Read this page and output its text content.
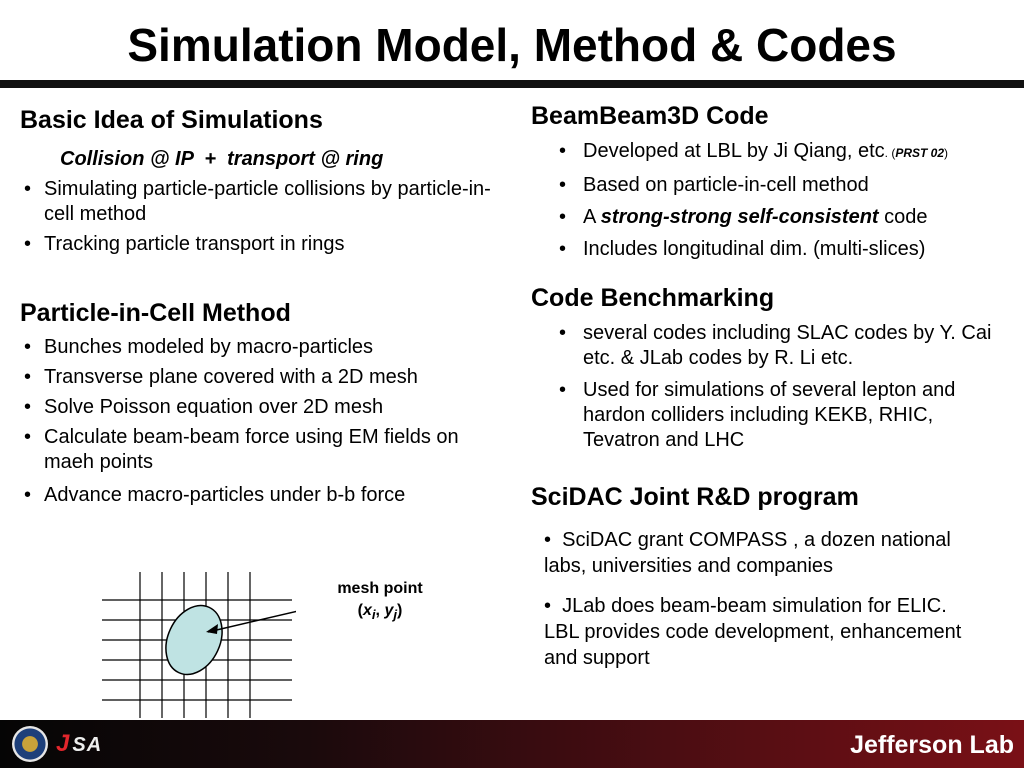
Simulation Model, Method & Codes
Basic Idea of Simulations
Collision @ IP  +  transport @ ring
• Simulating particle-particle collisions by particle-in-cell method
• Tracking particle transport in rings
Particle-in-Cell Method
• Bunches modeled by macro-particles
• Transverse plane covered with a 2D mesh
• Solve Poisson equation over 2D mesh
• Calculate beam-beam force using EM fields on maeh points
• Advance macro-particles under b-b force
mesh point
($x_i$, $y_j$)
BeamBeam3D Code
• Developed at LBL by Ji Qiang, etc. (PRST 02)
• Based on particle-in-cell method
• A strong-strong self-consistent code
• Includes longitudinal dim. (multi-slices)
Code Benchmarking
• several codes including SLAC codes by Y. Cai etc. & JLab codes by R. Li etc.
• Used for simulations of several lepton and hardon colliders including KEKB, RHIC, Tevatron and LHC
SciDAC Joint R&D program
• SciDAC grant COMPASS , a dozen national labs, universities and companies
• JLab does beam-beam simulation for ELIC. LBL provides code development, enhancement and support
J SA	Jefferson Lab
